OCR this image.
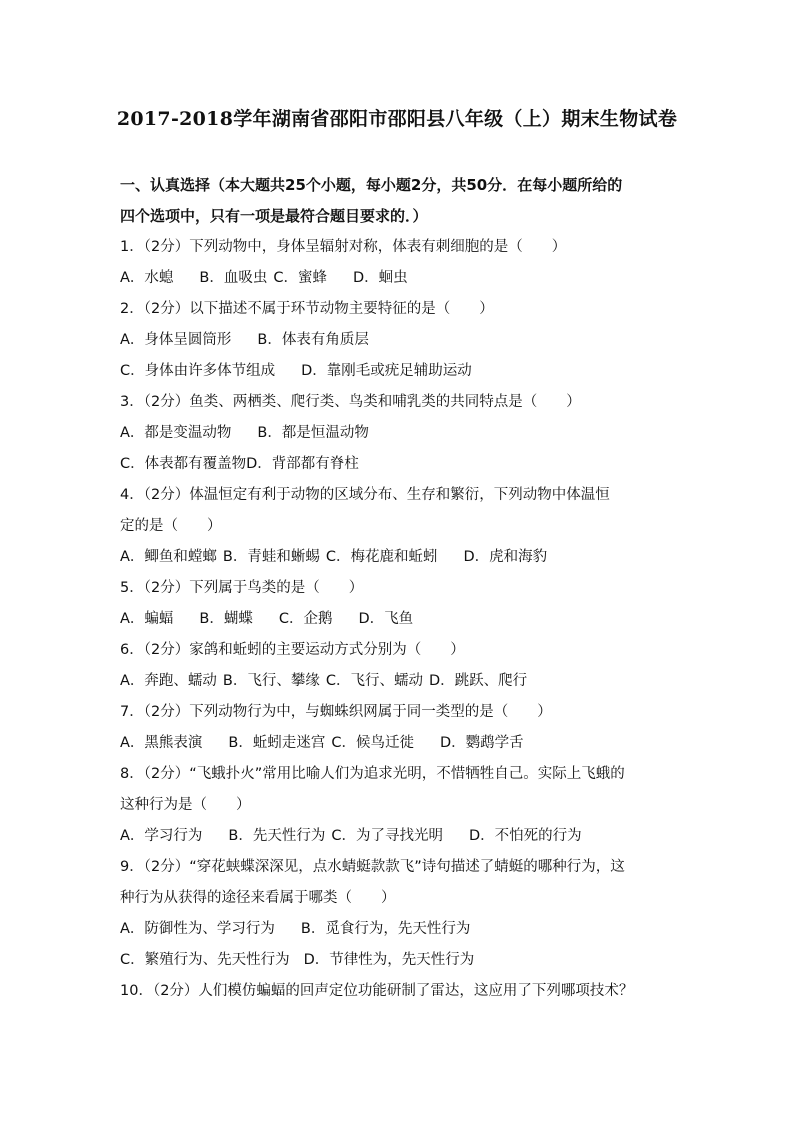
2017-2018学年湖南省邵阳市邵阳县八年级（上）期末生物试卷
一、认真选择（本大题共25个小题，每小题2分，共50分．在每小题所给的
四个选项中，只有一项是最符合题目要求的．）
1．（2分）下列动物中，身体呈辐射对称，体表有刺细胞的是（　　）
A．水螅 B．血吸虫 C．蜜蜂 D．蛔虫
2．（2分）以下描述不属于环节动物主要特征的是（　　）
A．身体呈圆筒形 B．体表有角质层
C．身体由许多体节组成 D．靠刚毛或疣足辅助运动
3．（2分）鱼类、两栖类、爬行类、鸟类和哺乳类的共同特点是（　　）
A．都是变温动物 B．都是恒温动物
C．体表都有覆盖物D．背部都有脊柱
4．（2分）体温恒定有利于动物的区域分布、生存和繁衍，下列动物中体温恒
定的是（　　）
A．鲫鱼和螳螂 B．青蛙和蜥蜴 C．梅花鹿和蚯蚓 D．虎和海豹
5．（2分）下列属于鸟类的是（　　）
A．蝙蝠 B．蝴蝶 C．企鹅 D．飞鱼
6．（2分）家鸽和蚯蚓的主要运动方式分别为（　　）
A．奔跑、蠕动 B．飞行、攀缘 C．飞行、蠕动 D．跳跃、爬行
7．（2分）下列动物行为中，与蜘蛛织网属于同一类型的是（　　）
A．黑熊表演 B．蚯蚓走迷宫 C．候鸟迁徙 D．鹦鹉学舌
8．（2分）“飞蛾扑火”常用比喻人们为追求光明，不惜牺牲自己。实际上飞蛾的
这种行为是（　　）
A．学习行为 B．先天性行为 C．为了寻找光明 D．不怕死的行为
9．（2分）“穿花蛱蝶深深见，点水蜻蜓款款飞”诗句描述了蜻蜓的哪种行为，这
种行为从获得的途径来看属于哪类（　　）
A．防御性为、学习行为 B．觅食行为，先天性行为
C．繁殖行为、先天性行为 D．节律性为，先天性行为
10．（2分）人们模仿蝙蝠的回声定位功能研制了雷达，这应用了下列哪项技术？
